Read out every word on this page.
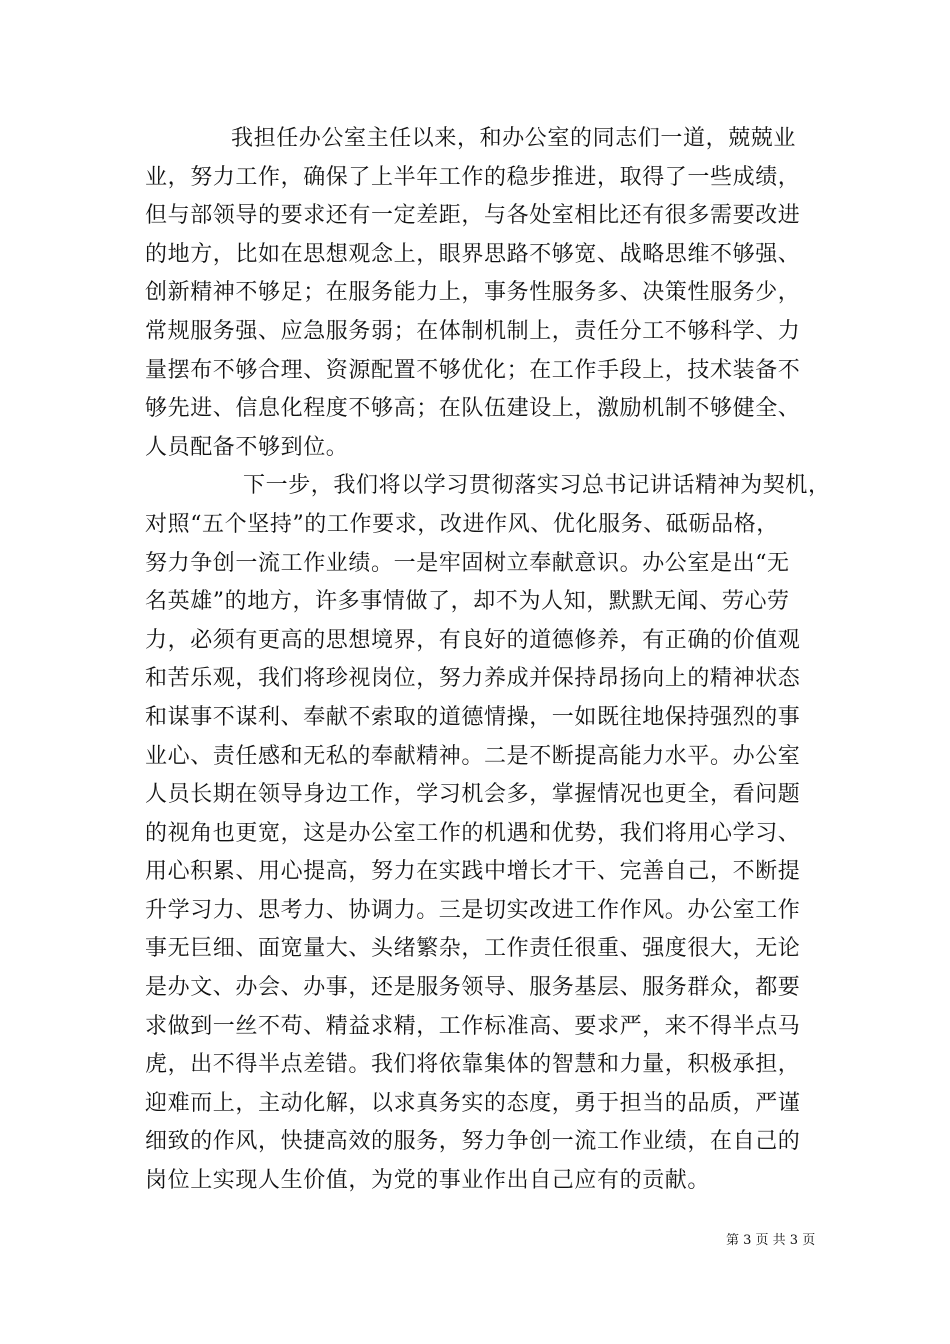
我担任办公室主任以来，和办公室的同志们一道，兢兢业
业，努力工作，确保了上半年工作的稳步推进，取得了一些成绩，
但与部领导的要求还有一定差距，与各处室相比还有很多需要改进
的地方，比如在思想观念上，眼界思路不够宽、战略思维不够强、
创新精神不够足；在服务能力上，事务性服务多、决策性服务少，
常规服务强、应急服务弱；在体制机制上，责任分工不够科学、力
量摆布不够合理、资源配置不够优化；在工作手段上，技术装备不
够先进、信息化程度不够高；在队伍建设上，激励机制不够健全、
人员配备不够到位。
下一步，我们将以学习贯彻落实习总书记讲话精神为契机，
对照“五个坚持”的工作要求，改进作风、优化服务、砥砺品格，
努力争创一流工作业绩。一是牢固树立奉献意识。办公室是出“无
名英雄”的地方，许多事情做了，却不为人知，默默无闻、劳心劳
力，必须有更高的思想境界，有良好的道德修养，有正确的价值观
和苦乐观，我们将珍视岗位，努力养成并保持昂扬向上的精神状态
和谋事不谋利、奉献不索取的道德情操，一如既往地保持强烈的事
业心、责任感和无私的奉献精神。二是不断提高能力水平。办公室
人员长期在领导身边工作，学习机会多，掌握情况也更全，看问题
的视角也更宽，这是办公室工作的机遇和优势，我们将用心学习、
用心积累、用心提高，努力在实践中增长才干、完善自己，不断提
升学习力、思考力、协调力。三是切实改进工作作风。办公室工作
事无巨细、面宽量大、头绪繁杂，工作责任很重、强度很大，无论
是办文、办会、办事，还是服务领导、服务基层、服务群众，都要
求做到一丝不苟、精益求精，工作标准高、要求严，来不得半点马
虎，出不得半点差错。我们将依靠集体的智慧和力量，积极承担，
迎难而上，主动化解，以求真务实的态度，勇于担当的品质，严谨
细致的作风，快捷高效的服务，努力争创一流工作业绩，在自己的
岗位上实现人生价值，为党的事业作出自己应有的贡献。
第 3 页 共 3 页
